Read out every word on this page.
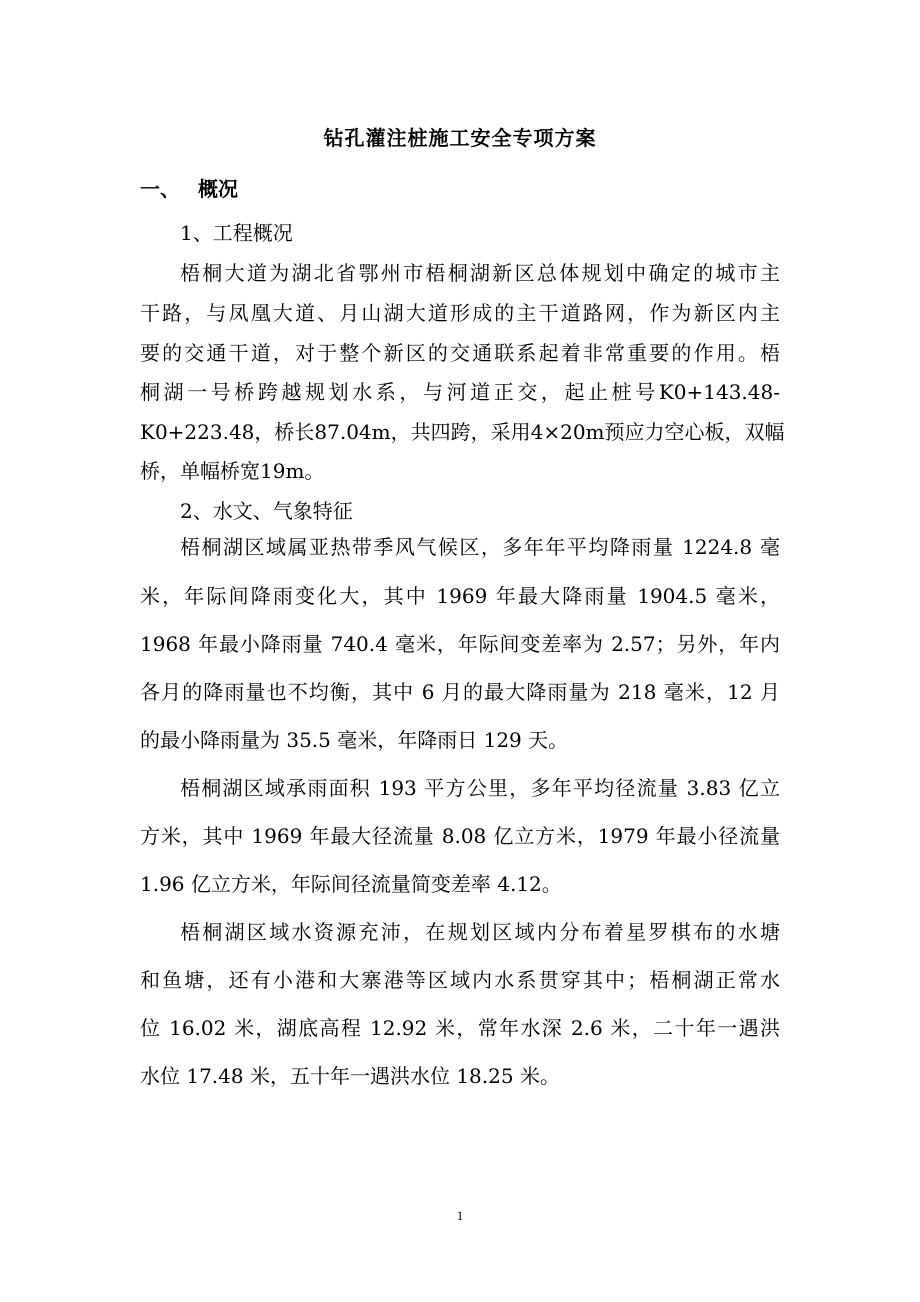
钻孔灌注桩施工安全专项方案
一、 概况

1、工程概况

梧桐大道为湖北省鄂州市梧桐湖新区总体规划中确定的城市主

干路，与凤凰大道、月山湖大道形成的主干道路网，作为新区内主

要的交通干道，对于整个新区的交通联系起着非常重要的作用。梧

桐湖一号桥跨越规划水系，与河道正交，起止桩号K0+143.48-

K0+223.48，桥长87.04m，共四跨，采用4×20m预应力空心板，双幅

桥，单幅桥宽19m。

2、水文、气象特征

梧桐湖区域属亚热带季风气候区，多年年平均降雨量 1224.8 毫

米，年际间降雨变化大，其中 1969 年最大降雨量 1904.5 毫米，

1968 年最小降雨量 740.4 毫米，年际间变差率为 2.57；另外，年内

各月的降雨量也不均衡，其中 6 月的最大降雨量为 218 毫米，12 月

的最小降雨量为 35.5 毫米，年降雨日 129 天。

梧桐湖区域承雨面积 193 平方公里，多年平均径流量 3.83 亿立

方米，其中 1969 年最大径流量 8.08 亿立方米，1979 年最小径流量

1.96 亿立方米，年际间径流量简变差率 4.12。

梧桐湖区域水资源充沛，在规划区域内分布着星罗棋布的水塘

和鱼塘，还有小港和大寨港等区域内水系贯穿其中；梧桐湖正常水

位 16.02 米，湖底高程 12.92 米，常年水深 2.6 米，二十年一遇洪

水位 17.48 米，五十年一遇洪水位 18.25 米。

1
